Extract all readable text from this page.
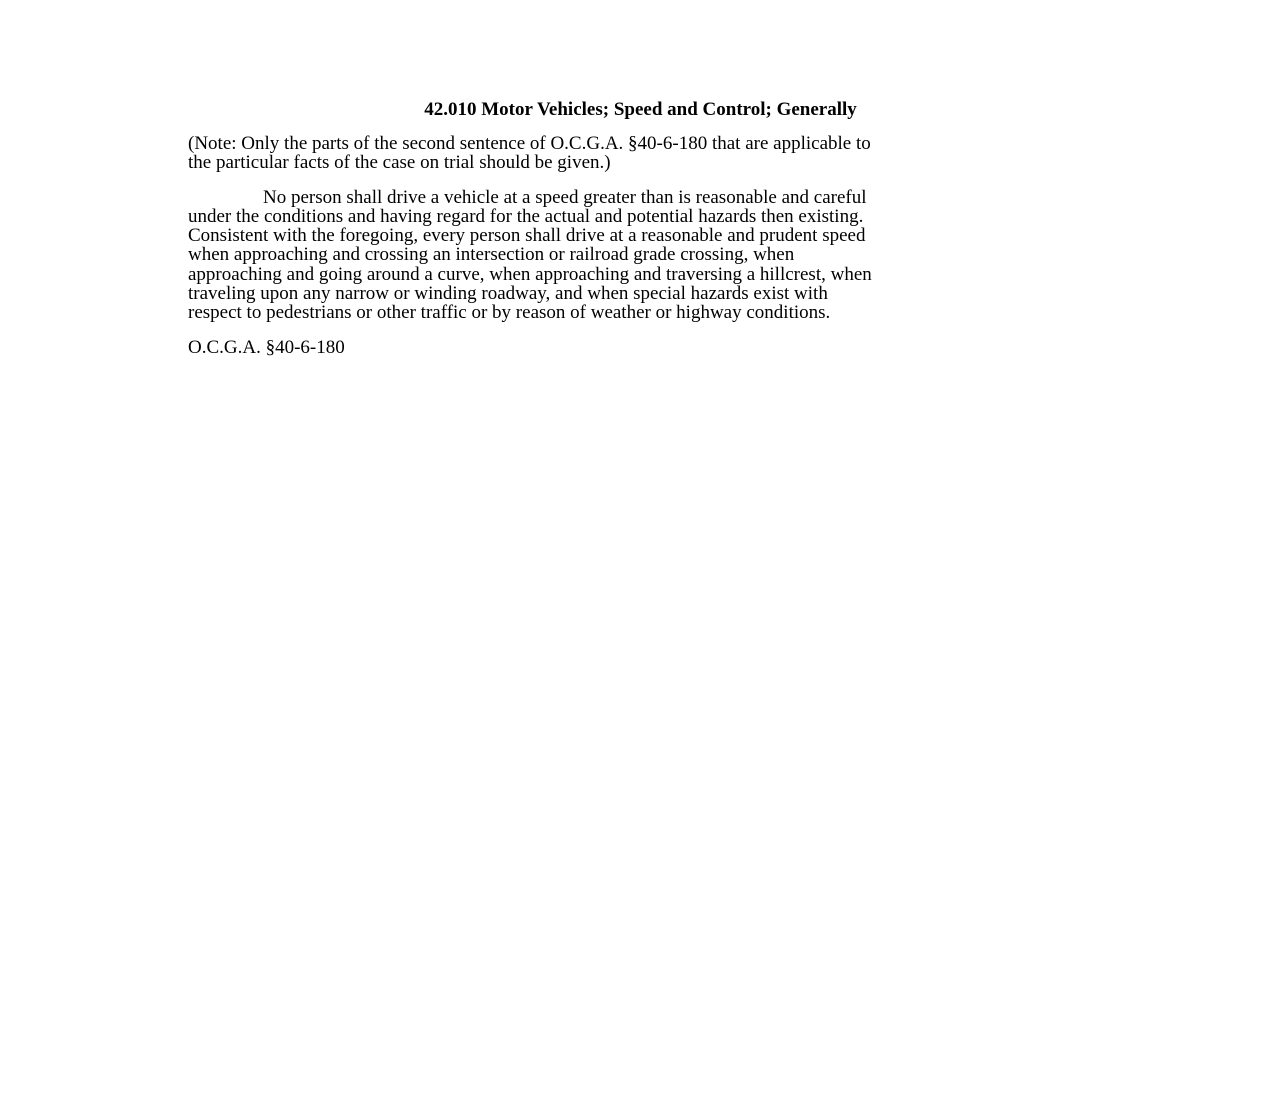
42.010 Motor Vehicles; Speed and Control; Generally
(Note: Only the parts of the second sentence of O.C.G.A. §40-6-180 that are applicable to
the particular facts of the case on trial should be given.)
No person shall drive a vehicle at a speed greater than is reasonable and careful
under the conditions and having regard for the actual and potential hazards then existing.
Consistent with the foregoing, every person shall drive at a reasonable and prudent speed
when approaching and crossing an intersection or railroad grade crossing, when
approaching and going around a curve, when approaching and traversing a hillcrest, when
traveling upon any narrow or winding roadway, and when special hazards exist with
respect to pedestrians or other traffic or by reason of weather or highway conditions.
O.C.G.A. §40-6-180
